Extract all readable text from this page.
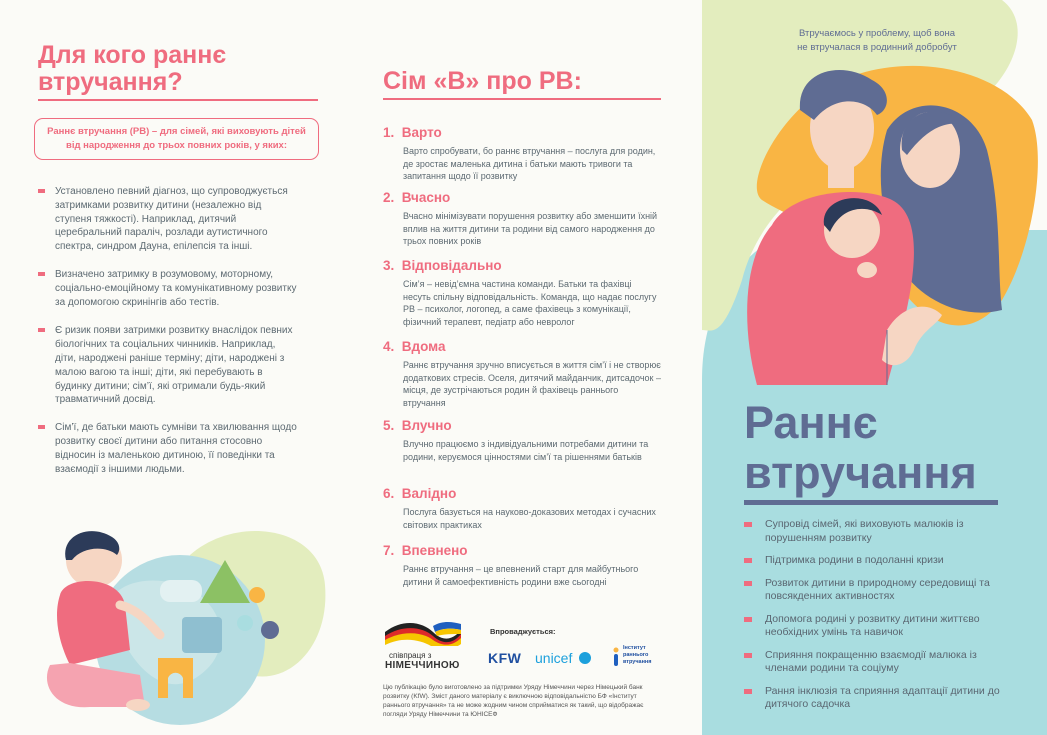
Для кого раннє
втручання?
Раннє втручання (РВ) – для сімей, які виховують дітей від народження до трьох повних років, у яких:
Установлено певний діагноз, що супроводжується затримками розвитку дитини (незалежно від ступеня тяжкості). Наприклад, дитячий церебральний параліч, розлади аутистичного спектра, синдром Дауна, епілепсія та інші.
Визначено затримку в розумовому, моторному, соціально-емоційному та комунікативному розвитку за допомогою скринінгів або тестів.
Є ризик появи затримки розвитку внаслідок певних біологічних та соціальних чинників. Наприклад, діти, народжені раніше терміну; діти, народжені з малою вагою та інші; діти, які перебувають в будинку дитини; сім’ї, які отримали будь-який травматичний досвід.
Сім’ї, де батьки мають сумніви та хвилювання щодо розвитку своєї дитини або питання стосовно відносин із маленькою дитиною, її поведінки та взаємодії з іншими людьми.
Сім «В» про РВ:
1. Варто
Варто спробувати, бо раннє втручання – послуга для родин, де зростає маленька дитина і батьки мають тривоги та запитання щодо її розвитку
2. Вчасно
Вчасно мінімізувати порушення розвитку або зменшити їхній вплив на життя дитини та родини від самого народження до трьох повних років
3. Відповідально
Сім’я – невід’ємна частина команди. Батьки та фахівці несуть спільну відповідальність. Команда, що надає послугу РВ – психолог, логопед, а саме фахівець з комунікації, фізичний терапевт, педіатр або невролог
4. Вдома
Раннє втручання зручно вписується в життя сім’ї і не створює додаткових стресів. Оселя, дитячий майданчик, дитсадочок – місця, де зустрічаються родин й фахівець раннього втручання
5. Влучно
Влучно працюємо з індивідуальними потребами дитини та родини, керуємося цінностями сім’ї та рішеннями батьків
6. Валідно
Послуга базується на науково-доказових методах і сучасних світових практиках
7. Впевнено
Раннє втручання – це впевнений старт для майбутнього дитини й самоефективність родини вже сьогодні
співпраця з
НІМЕЧЧИНОЮ
Впроваджується:
KFW unicef
Інститут раннього втручання
Цю публікацію було виготовлено за підтримки Уряду Німеччини через Німецький банк розвитку (KfW). Зміст даного матеріалу є виключною відповідальністю БФ «Інститут раннього втручання» та не може жодним чином сприйматися як такий, що відображає погляди Уряду Німеччини та ЮНІСЕФ
Втручаємось у проблему, щоб вона
не втручалася в родинний добробут
Раннє
втручання
Супровід сімей, які виховують малюків із порушенням розвитку
Підтримка родини в подоланні кризи
Розвиток дитини в природному середовищі та повсякденних активностях
Допомога родині у розвитку дитини життєво необхідних умінь та навичок
Сприяння покращенню взаємодії малюка із членами родини та соціуму
Рання інклюзія та сприяння адаптації дитини до дитячого садочка
